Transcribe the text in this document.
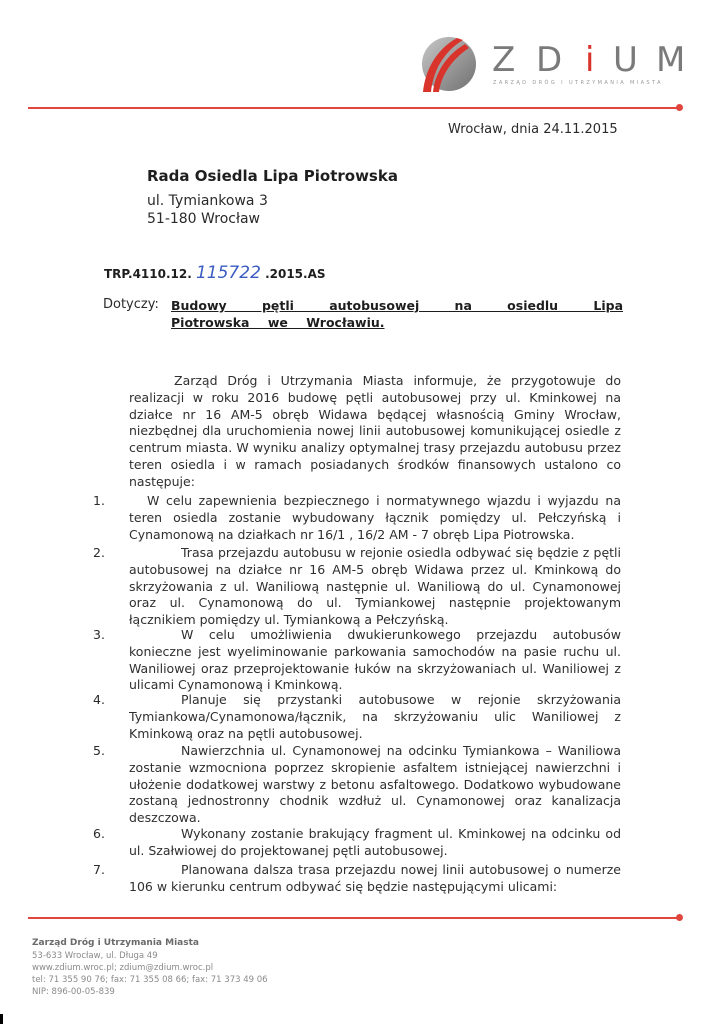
Z D i U M
ZARZĄD DRÓG I UTRZYMANIA MIASTA
Wrocław, dnia 24.11.2015
Rada Osiedla Lipa Piotrowska
ul. Tymiankowa 3
51-180 Wrocław
TRP.4110.12. 115722 .2015.AS
Dotyczy: Budowy pętli autobusowej na osiedlu Lipa Piotrowska we Wrocławiu.
Zarząd Dróg i Utrzymania Miasta informuje, że przygotowuje do realizacji w roku 2016 budowę pętli autobusowej przy ul. Kminkowej na działce nr 16 AM-5 obręb Widawa będącej własnością Gminy Wrocław, niezbędnej dla uruchomienia nowej linii autobusowej komunikującej osiedle z centrum miasta. W wyniku analizy optymalnej trasy przejazdu autobusu przez teren osiedla i w ramach posiadanych środków finansowych ustalono co następuje:
1.	W celu zapewnienia bezpiecznego i normatywnego wjazdu i wyjazdu na teren osiedla zostanie wybudowany łącznik pomiędzy ul. Pełczyńską i Cynamonową na działkach nr 16/1 , 16/2 AM - 7 obręb Lipa Piotrowska.
2.	Trasa przejazdu autobusu w rejonie osiedla odbywać się będzie z pętli autobusowej na działce nr 16 AM-5 obręb Widawa przez ul. Kminkową do skrzyżowania z ul. Waniliową następnie ul. Waniliową do ul. Cynamonowej oraz ul. Cynamonową do ul. Tymiankowej następnie projektowanym łącznikiem pomiędzy ul. Tymiankową a Pełczyńską.
3.	W celu umożliwienia dwukierunkowego przejazdu autobusów konieczne jest wyeliminowanie parkowania samochodów na pasie ruchu ul. Waniliowej oraz przeprojektowanie łuków na skrzyżowaniach ul. Waniliowej z ulicami Cynamonową i Kminkową.
4.	Planuje się przystanki autobusowe w rejonie skrzyżowania Tymiankowa/Cynamonowa/łącznik, na skrzyżowaniu ulic Waniliowej z Kminkową oraz na pętli autobusowej.
5.	Nawierzchnia ul. Cynamonowej na odcinku Tymiankowa – Waniliowa zostanie wzmocniona poprzez skropienie asfaltem istniejącej nawierzchni i ułożenie dodatkowej warstwy z betonu asfaltowego. Dodatkowo wybudowane zostaną jednostronny chodnik wzdłuż ul. Cynamonowej oraz kanalizacja deszczowa.
6.	Wykonany zostanie brakujący fragment ul. Kminkowej na odcinku od ul. Szałwiowej do projektowanej pętli autobusowej.
7.	Planowana dalsza trasa przejazdu nowej linii autobusowej o numerze 106 w kierunku centrum odbywać się będzie następującymi ulicami:
Zarząd Dróg i Utrzymania Miasta
53-633 Wrocław, ul. Długa 49
www.zdium.wroc.pl; zdium@zdium.wroc.pl
tel: 71 355 90 76; fax: 71 355 08 66; fax: 71 373 49 06
NIP: 896-00-05-839
